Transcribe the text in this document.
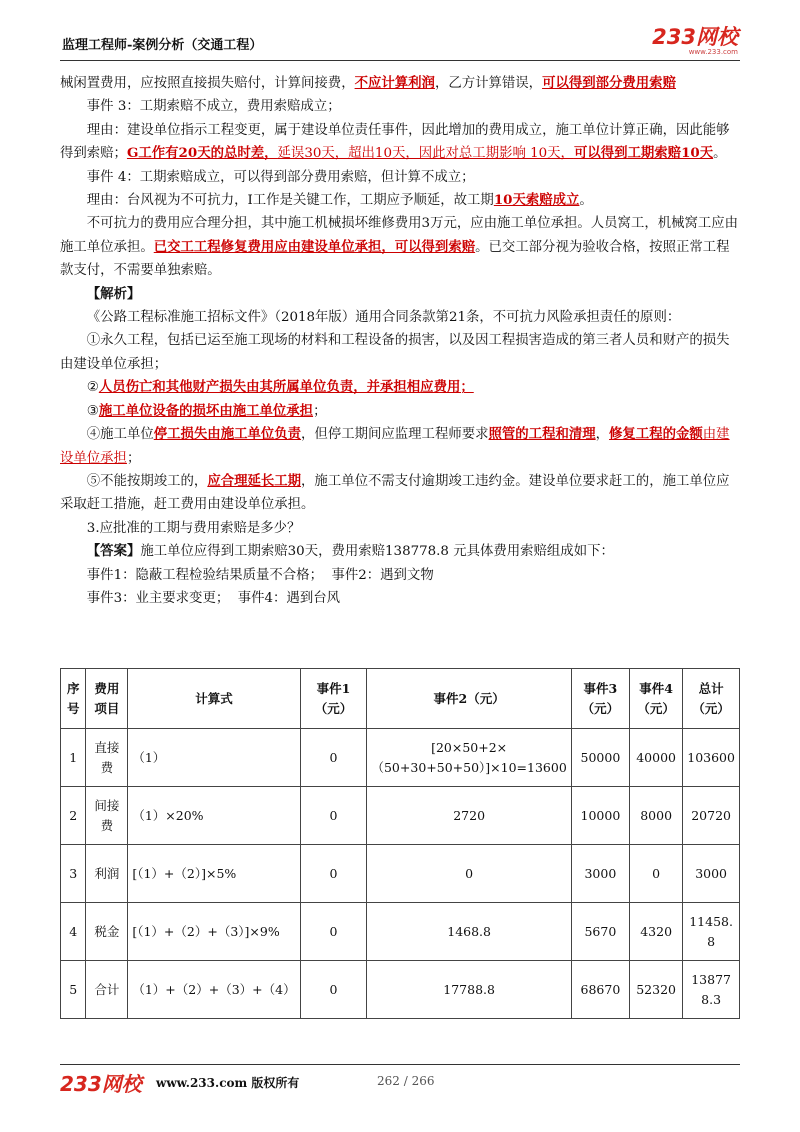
监理工程师-案例分析（交通工程）	233网校
www.233.com

械闲置费用，应按照直接损失赔付，计算间接费，不应计算利润，乙方计算错误，可以得到部分费用索赔

事件 3：工期索赔不成立，费用索赔成立；

理由：建设单位指示工程变更，属于建设单位责任事件，因此增加的费用成立，施工单位计算正确，因此能够得到索赔；G工作有20天的总时差，延误30天，超出10天，因此对总工期影响 10天，可以得到工期索赔10天。

事件 4：工期索赔成立，可以得到部分费用索赔，但计算不成立；

理由：台风视为不可抗力，I工作是关键工作，工期应予顺延，故工期10天索赔成立。

不可抗力的费用应合理分担，其中施工机械损坏维修费用3万元，应由施工单位承担。人员窝工，机械窝工应由施工单位承担。已交工工程修复费用应由建设单位承担，可以得到索赔。已交工部分视为验收合格，按照正常工程款支付，不需要单独索赔。

【解析】

《公路工程标准施工招标文件》（2018年版）通用合同条款第21条，不可抗力风险承担责任的原则：

①永久工程，包括已运至施工现场的材料和工程设备的损害，以及因工程损害造成的第三者人员和财产的损失由建设单位承担；

②人员伤亡和其他财产损失由其所属单位负责，并承担相应费用；

③施工单位设备的损坏由施工单位承担；

④施工单位停工损失由施工单位负责，但停工期间应监理工程师要求照管的工程和清理，修复工程的金额由建设单位承担；

⑤不能按期竣工的，应合理延长工期，施工单位不需支付逾期竣工违约金。建设单位要求赶工的，施工单位应采取赶工措施，赶工费用由建设单位承担。

3.应批准的工期与费用索赔是多少？

【答案】施工单位应得到工期索赔30天，费用索赔138778.8 元具体费用索赔组成如下：

事件1：隐蔽工程检验结果质量不合格；  事件2：遇到文物

事件3：业主要求变更；  事件4：遇到台风

序号	费用项目	计算式	事件1（元）	事件2（元）	事件3（元）	事件4（元）	总计（元）
1	直接费	（1）	0	[20×50+2×（50+30+50+50）]×10=13600	50000	40000	103600
2	间接费	（1）×20%	0	2720	10000	8000	20720
3	利润	[（1）+（2）]×5%	0	0	3000	0	3000
4	税金	[（1）+（2）+（3）]×9%	0	1468.8	5670	4320	11458.8
5	合计	（1）+（2）+（3）+（4）	0	17788.8	68670	52320	138778.3
233网校 www.233.com 版权所有	262 / 266
